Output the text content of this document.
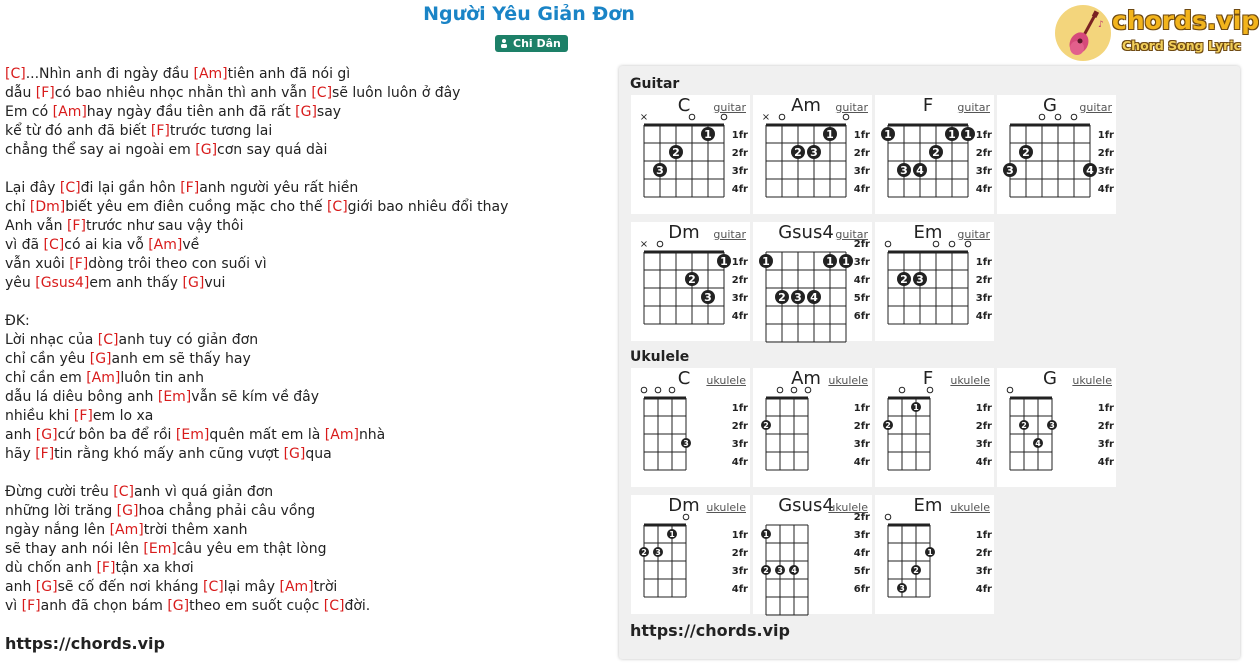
Người Yêu Giản Đơn
Chi Dân
♪ chords.vip
Chord Song Lyric
[C]...Nhìn anh đi ngày đầu [Am]tiên anh đã nói gì
dẫu [F]có bao nhiêu nhọc nhằn thì anh vẫn [C]sẽ luôn luôn ở đây
Em có [Am]hay ngày đầu tiên anh đã rất [G]say
kể từ đó anh đã biết [F]trước tương lai
chẳng thể say ai ngoài em [G]cơn say quá dài
Lại đây [C]đi lại gần hôn [F]anh người yêu rất hiền
chỉ [Dm]biết yêu em điên cuồng mặc cho thế [C]giới bao nhiêu đổi thay
Anh vẫn [F]trước như sau vậy thôi
vì đã [C]có ai kia vỗ [Am]về
vẫn xuôi [F]dòng trôi theo con suối vì
yêu [Gsus4]em anh thấy [G]vui
ĐK:
Lời nhạc của [C]anh tuy có giản đơn
chỉ cần yêu [G]anh em sẽ thấy hay
chỉ cần em [Am]luôn tin anh
dẫu lá diêu bông anh [Em]vẫn sẽ kím về đây
nhiều khi [F]em lo xa
anh [G]cứ bôn ba để rồi [Em]quên mất em là [Am]nhà
hãy [F]tin rằng khó mấy anh cũng vượt [G]qua
Đừng cười trêu [C]anh vì quá giản đơn
những lời trăng [G]hoa chẳng phải câu vồng
ngày nắng lên [Am]trời thêm xanh
sẽ thay anh nói lên [Em]câu yêu em thật lòng
dù chốn anh [F]tận xa khơi
anh [G]sẽ cố đến nơi kháng [C]lại mây [Am]trời
vì [F]anh đã chọn bám [G]theo em suốt cuộc [C]đời.
https://chords.vip
Guitar
Ukulele
https://chords.vip
×
1fr
2fr
3fr
4fr
1
2
3
C	guitar
×
1fr
2fr
3fr
4fr
1
2 3
Am	guitar
1fr
2fr
3fr
4fr
1	1 1
2
3 4
F	guitar
1fr
2fr
3fr
4fr
2
3	4
G	guitar
×
1fr
2fr
3fr
4fr
1
2
3
Dm	guitar
2fr
3fr
4fr
5fr
6fr
1	1 1
2 3 4
Gsus4 guitar
1fr
2fr
3fr
4fr
2 3
Em	guitar
1fr
2fr
3fr
4fr
3
C	ukulele
1fr
2fr
3fr
4fr
2
Am ukulele
1fr
2fr
3fr
4fr
1
2
F	ukulele
1fr
2fr
3fr
4fr
2	3
4
G	ukulele
1fr
2fr
3fr
4fr
1
2 3
Dm ukulele
2fr
3fr
4fr
5fr
6fr
1
2 3 4
Gsus4
ukulele
1fr
2fr
3fr
4fr
1
2
3
Em ukulele
